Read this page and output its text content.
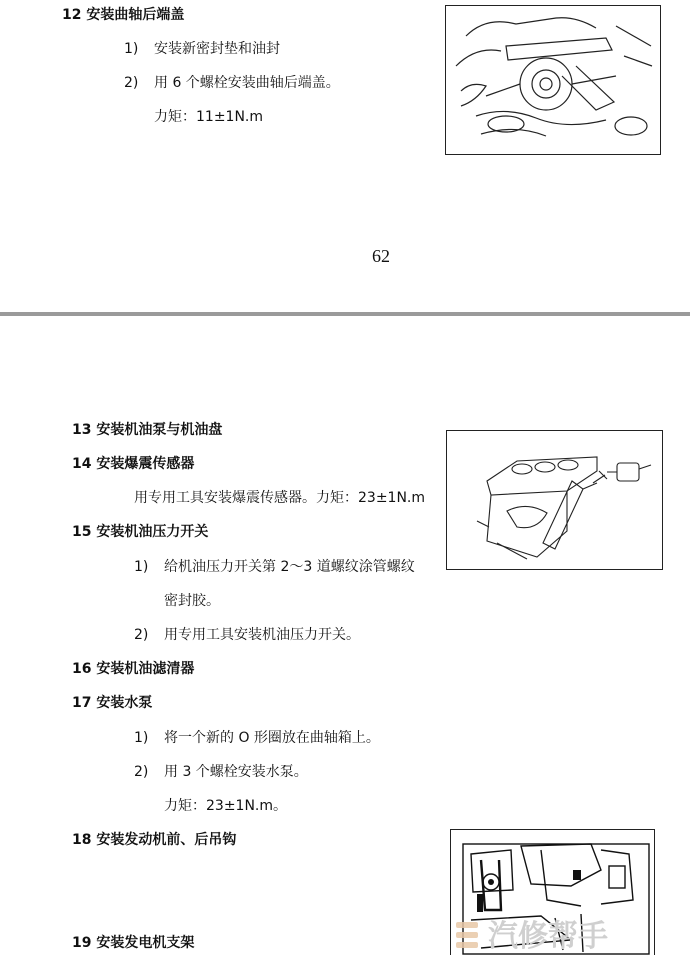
12 安装曲轴后端盖
1) 安装新密封垫和油封
2) 用 6 个螺栓安装曲轴后端盖。
力矩：11±1N.m
62
13 安装机油泵与机油盘
14 安装爆震传感器
用专用工具安装爆震传感器。力矩：23±1N.m
15 安装机油压力开关
1) 给机油压力开关第 2～3 道螺纹涂管螺纹
密封胶。
2) 用专用工具安装机油压力开关。
16 安装机油滤清器
17 安装水泵
1) 将一个新的 O 形圈放在曲轴箱上。
2) 用 3 个螺栓安装水泵。
力矩：23±1N.m。
18 安装发动机前、后吊钩
19 安装发电机支架	汽修帮手
